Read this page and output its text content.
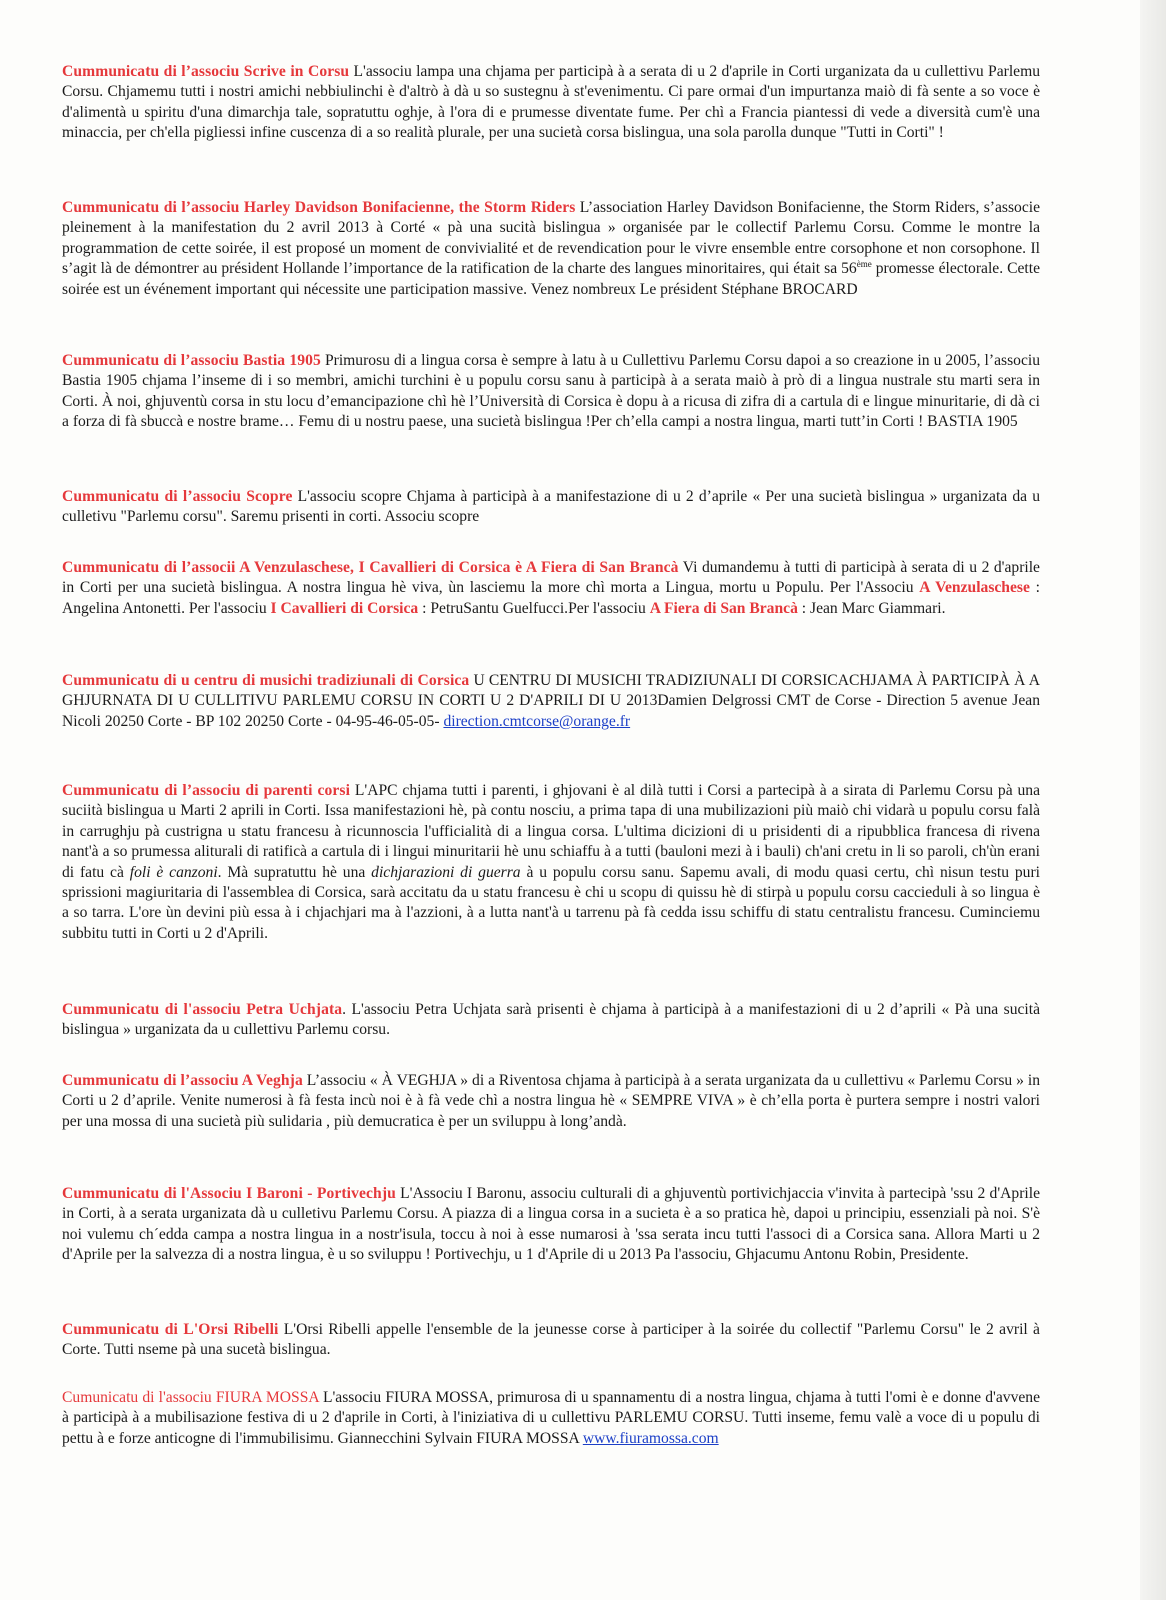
Cummunicatu di l’associu Scrive in Corsu L'associu lampa una chjama per participà à a serata di u 2 d'aprile in Corti urganizata da u cullettivu Parlemu Corsu. Chjamemu tutti i nostri amichi nebbiulinchi è d'altrò à dà u so sustegnu à st'evenimentu. Ci pare ormai d'un impurtanza maiò di fà sente a so voce è d'alimentà u spiritu d'una dimarchja tale, sopratuttu oghje, à l'ora di e prumesse diventate fume. Per chì a Francia piantessi di vede a diversità cum'è una minaccia, per ch'ella pigliessi infine cuscenza di a so realità plurale, per una sucietà corsa bislingua, una sola parolla dunque "Tutti in Corti" !

Cummunicatu di l’associu Harley Davidson Bonifacienne, the Storm Riders L’association Harley Davidson Bonifacienne, the Storm Riders, s’associe pleinement à la manifestation du 2 avril 2013 à Corté « pà una sucità bislingua » organisée par le collectif Parlemu Corsu. Comme le montre la programmation de cette soirée, il est proposé un moment de convivialité et de revendication pour le vivre ensemble entre corsophone et non corsophone. Il s’agit là de démontrer au président Hollande l’importance de la ratification de la charte des langues minoritaires, qui était sa 56ème promesse électorale. Cette soirée est un événement important qui nécessite une participation massive. Venez nombreux Le président Stéphane BROCARD

Cummunicatu di l’associu Bastia 1905 Primurosu di a lingua corsa è sempre à latu à u Cullettivu Parlemu Corsu dapoi a so creazione in u 2005, l’associu Bastia 1905 chjama l’inseme di i so membri, amichi turchini è u populu corsu sanu à participà à a serata maiò à prò di a lingua nustrale stu marti sera in Corti. À noi, ghjuventù corsa in stu locu d’emancipazione chì hè l’Università di Corsica è dopu à a ricusa di zifra di a cartula di e lingue minuritarie, di dà ci a forza di fà sbuccà e nostre brame… Femu di u nostru paese, una sucietà bislingua !Per ch’ella campi a nostra lingua, marti tutt’in Corti ! BASTIA 1905

Cummunicatu di l’associu Scopre L'associu scopre Chjama à participà à a manifestazione di u 2 d’aprile « Per una sucietà bislingua » urganizata da u culletivu "Parlemu corsu". Saremu prisenti in corti. Associu scopre

Cummunicatu di l’associi A Venzulaschese, I Cavallieri di Corsica è A Fiera di San Brancà Vi dumandemu à tutti di participà à serata di u 2 d'aprile in Corti per una sucietà bislingua. A nostra lingua hè viva, ùn lasciemu la more chì morta a Lingua, mortu u Populu. Per l'Associu A Venzulaschese : Angelina Antonetti. Per l'associu I Cavallieri di Corsica : PetruSantu Guelfucci.Per l'associu A Fiera di San Brancà : Jean Marc Giammari.

Cummunicatu di u centru di musichi tradiziunali di Corsica U CENTRU DI MUSICHI TRADIZIUNALI DI CORSICACHJAMA À PARTICIPÀ À A GHJURNATA DI U CULLITIVU PARLEMU CORSU IN CORTI U 2 D'APRILI DI U 2013Damien Delgrossi CMT de Corse - Direction 5 avenue Jean Nicoli 20250 Corte - BP 102 20250 Corte - 04-95-46-05-05- direction.cmtcorse@orange.fr

Cummunicatu di l’associu di parenti corsi L'APC chjama tutti i parenti, i ghjovani è al dilà tutti i Corsi a partecipà à a sirata di Parlemu Corsu pà una suciità bislingua u Marti 2 aprili in Corti. Issa manifestazioni hè, pà contu nosciu, a prima tapa di una mubilizazioni più maiò chi vidarà u populu corsu falà in carrughju pà custrigna u statu francesu à ricunnoscia l'ufficialità di a lingua corsa. L'ultima dicizioni di u prisidenti di a ripubblica francesa di rivena nant'à a so prumessa aliturali di ratificà a cartula di i lingui minuritarii hè unu schiaffu à a tutti (bauloni mezi à i bauli) ch'ani cretu in li so paroli, ch'ùn erani di fatu cà foli è canzoni. Mà supratuttu hè una dichjarazioni di guerra à u populu corsu sanu. Sapemu avali, di modu quasi certu, chì nisun testu puri sprissioni magiuritaria di l'assemblea di Corsica, sarà accitatu da u statu francesu è chi u scopu di quissu hè di stirpà u populu corsu caccieduli à so lingua è a so tarra. L'ore ùn devini più essa à i chjachjari ma à l'azzioni, à a lutta nant'à u tarrenu pà fà cedda issu schiffu di statu centralistu francesu. Cuminciemu subbitu tutti in Corti u 2 d'Aprili.

Cummunicatu di l'associu Petra Uchjata. L'associu Petra Uchjata sarà prisenti è chjama à participà à a manifestazioni di u 2 d’aprili « Pà una sucità bislingua » urganizata da u cullettivu Parlemu corsu.

Cummunicatu di l’associu A Veghja L’associu « À VEGHJA » di a Riventosa chjama à participà à a serata urganizata da u cullettivu « Parlemu Corsu » in Corti u 2 d’aprile. Venite numerosi à fà festa incù noi è à fà vede chì a nostra lingua hè « SEMPRE VIVA » è ch’ella porta è purtera sempre i nostri valori per una mossa di una sucietà più sulidaria , più demucratica è per un sviluppu à long’andà.

Cummunicatu di l'Associu I Baroni - Portivechju L'Associu I Baronu, associu culturali di a ghjuventù portivichjaccia v'invita à partecipà 'ssu 2 d'Aprile in Corti, à a serata urganizata dà u culletivu Parlemu Corsu. A piazza di a lingua corsa in a sucieta è a so pratica hè, dapoi u principiu, essenziali pà noi. S'è noi vulemu ch´edda campa a nostra lingua in a nostr'isula, toccu à noi à esse numarosi à 'ssa serata incu tutti l'associ di a Corsica sana. Allora Marti u 2 d'Aprile per la salvezza di a nostra lingua, è u so sviluppu ! Portivechju, u 1 d'Aprile di u 2013 Pa l'associu, Ghjacumu Antonu Robin, Presidente.

Cummunicatu di L'Orsi Ribelli L'Orsi Ribelli appelle l'ensemble de la jeunesse corse à participer à la soirée du collectif "Parlemu Corsu" le 2 avril à Corte. Tutti nseme pà una sucetà bislingua.

Cumunicatu di l'associu FIURA MOSSA L'associu FIURA MOSSA, primurosa di u spannamentu di a nostra lingua, chjama à tutti l'omi è e donne d'avvene à participà à a mubilisazione festiva di u 2 d'aprile in Corti, à l'iniziativa di u cullettivu PARLEMU CORSU. Tutti inseme, femu valè a voce di u populu di pettu à e forze anticogne di l'immubilisimu. Giannecchini Sylvain FIURA MOSSA www.fiuramossa.com
